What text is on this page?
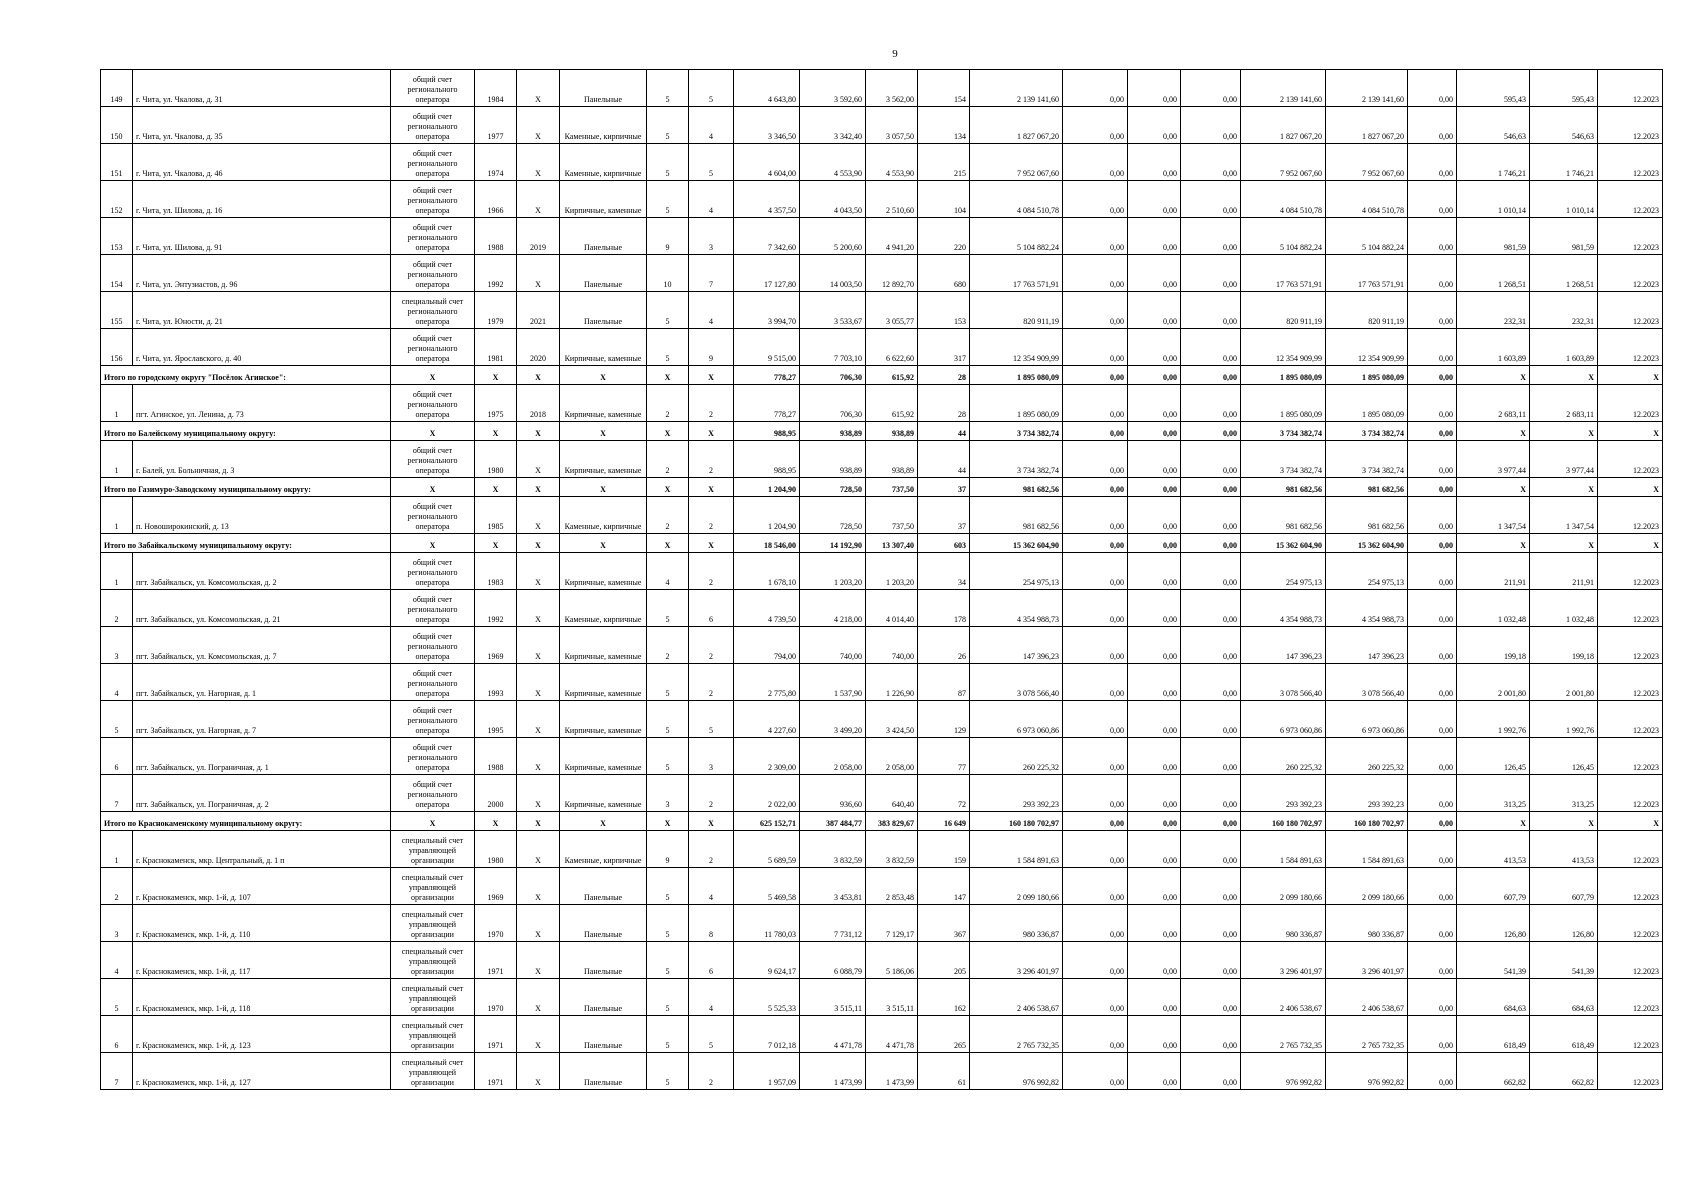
9
149	г. Чита, ул. Чкалова, д. 31	общий счет регионального оператора	1984	X	Панельные	5	5	4 643,80	3 592,60	3 562,00	154	2 139 141,60	0,00	0,00	0,00	2 139 141,60	2 139 141,60	0,00	595,43	595,43	12.2023
150	г. Чита, ул. Чкалова, д. 35	общий счет регионального оператора	1977	X	Каменные, кирпичные	5	4	3 346,50	3 342,40	3 057,50	134	1 827 067,20	0,00	0,00	0,00	1 827 067,20	1 827 067,20	0,00	546,63	546,63	12.2023
151	г. Чита, ул. Чкалова, д. 46	общий счет регионального оператора	1974	X	Каменные, кирпичные	5	5	4 604,00	4 553,90	4 553,90	215	7 952 067,60	0,00	0,00	0,00	7 952 067,60	7 952 067,60	0,00	1 746,21	1 746,21	12.2023
152	г. Чита, ул. Шилова, д. 16	общий счет регионального оператора	1966	X	Кирпичные, каменные	5	4	4 357,50	4 043,50	2 510,60	104	4 084 510,78	0,00	0,00	0,00	4 084 510,78	4 084 510,78	0,00	1 010,14	1 010,14	12.2023
153	г. Чита, ул. Шилова, д. 91	общий счет регионального оператора	1988	2019	Панельные	9	3	7 342,60	5 200,60	4 941,20	220	5 104 882,24	0,00	0,00	0,00	5 104 882,24	5 104 882,24	0,00	981,59	981,59	12.2023
154	г. Чита, ул. Энтузиастов, д. 96	общий счет регионального оператора	1992	X	Панельные	10	7	17 127,80	14 003,50	12 892,70	680	17 763 571,91	0,00	0,00	0,00	17 763 571,91	17 763 571,91	0,00	1 268,51	1 268,51	12.2023
155	г. Чита, ул. Юности, д. 21	специальный счет регионального оператора	1979	2021	Панельные	5	4	3 994,70	3 533,67	3 055,77	153	820 911,19	0,00	0,00	0,00	820 911,19	820 911,19	0,00	232,31	232,31	12.2023
156	г. Чита, ул. Ярославского, д. 40	общий счет регионального оператора	1981	2020	Кирпичные, каменные	5	9	9 515,00	7 703,10	6 622,60	317	12 354 909,99	0,00	0,00	0,00	12 354 909,99	12 354 909,99	0,00	1 603,89	1 603,89	12.2023
Итого по городскому округу "Посёлок Агинское":		X	X	X	X	X	X	778,27	706,30	615,92	28	1 895 080,09	0,00	0,00	0,00	1 895 080,09	1 895 080,09	0,00	X	X	X
1	пгт. Агинское, ул. Ленина, д. 73	общий счет регионального оператора	1975	2018	Кирпичные, каменные	2	2	778,27	706,30	615,92	28	1 895 080,09	0,00	0,00	0,00	1 895 080,09	1 895 080,09	0,00	2 683,11	2 683,11	12.2023
Итого по Балейскому муниципальному округу:		X	X	X	X	X	X	988,95	938,89	938,89	44	3 734 382,74	0,00	0,00	0,00	3 734 382,74	3 734 382,74	0,00	X	X	X
1	г. Балей, ул. Больничная, д. 3	общий счет регионального оператора	1980	X	Кирпичные, каменные	2	2	988,95	938,89	938,89	44	3 734 382,74	0,00	0,00	0,00	3 734 382,74	3 734 382,74	0,00	3 977,44	3 977,44	12.2023
Итого по Газимуро-Заводскому муниципальному округу:		X	X	X	X	X	X	1 204,90	728,50	737,50	37	981 682,56	0,00	0,00	0,00	981 682,56	981 682,56	0,00	X	X	X
1	п. Новоширокинский, д. 13	общий счет регионального оператора	1985	X	Каменные, кирпичные	2	2	1 204,90	728,50	737,50	37	981 682,56	0,00	0,00	0,00	981 682,56	981 682,56	0,00	1 347,54	1 347,54	12.2023
Итого по Забайкальскому муниципальному округу:		X	X	X	X	X	X	18 546,00	14 192,90	13 307,40	603	15 362 604,90	0,00	0,00	0,00	15 362 604,90	15 362 604,90	0,00	X	X	X
1	пгт. Забайкальск, ул. Комсомольская, д. 2	общий счет регионального оператора	1983	X	Кирпичные, каменные	4	2	1 678,10	1 203,20	1 203,20	34	254 975,13	0,00	0,00	0,00	254 975,13	254 975,13	0,00	211,91	211,91	12.2023
2	пгт. Забайкальск, ул. Комсомольская, д. 21	общий счет регионального оператора	1992	X	Каменные, кирпичные	5	6	4 739,50	4 218,00	4 014,40	178	4 354 988,73	0,00	0,00	0,00	4 354 988,73	4 354 988,73	0,00	1 032,48	1 032,48	12.2023
3	пгт. Забайкальск, ул. Комсомольская, д. 7	общий счет регионального оператора	1969	X	Кирпичные, каменные	2	2	794,00	740,00	740,00	26	147 396,23	0,00	0,00	0,00	147 396,23	147 396,23	0,00	199,18	199,18	12.2023
4	пгт. Забайкальск, ул. Нагорная, д. 1	общий счет регионального оператора	1993	X	Кирпичные, каменные	5	2	2 775,80	1 537,90	1 226,90	87	3 078 566,40	0,00	0,00	0,00	3 078 566,40	3 078 566,40	0,00	2 001,80	2 001,80	12.2023
5	пгт. Забайкальск, ул. Нагорная, д. 7	общий счет регионального оператора	1995	X	Кирпичные, каменные	5	5	4 227,60	3 499,20	3 424,50	129	6 973 060,86	0,00	0,00	0,00	6 973 060,86	6 973 060,86	0,00	1 992,76	1 992,76	12.2023
6	пгт. Забайкальск, ул. Пограничная, д. 1	общий счет регионального оператора	1988	X	Кирпичные, каменные	5	3	2 309,00	2 058,00	2 058,00	77	260 225,32	0,00	0,00	0,00	260 225,32	260 225,32	0,00	126,45	126,45	12.2023
7	пгт. Забайкальск, ул. Пограничная, д. 2	общий счет регионального оператора	2000	X	Кирпичные, каменные	3	2	2 022,00	936,60	640,40	72	293 392,23	0,00	0,00	0,00	293 392,23	293 392,23	0,00	313,25	313,25	12.2023
Итого по Краснокаменскому муниципальному округу:		X	X	X	X	X	X	625 152,71	387 484,77	383 829,67	16 649	160 180 702,97	0,00	0,00	0,00	160 180 702,97	160 180 702,97	0,00	X	X	X
1	г. Краснокаменск, мкр. Центральный, д. 1 п	специальный счет управляющей организации	1980	X	Каменные, кирпичные	9	2	5 689,59	3 832,59	3 832,59	159	1 584 891,63	0,00	0,00	0,00	1 584 891,63	1 584 891,63	0,00	413,53	413,53	12.2023
2	г. Краснокаменск, мкр. 1-й, д. 107	специальный счет управляющей организации	1969	X	Панельные	5	4	5 469,58	3 453,81	2 853,48	147	2 099 180,66	0,00	0,00	0,00	2 099 180,66	2 099 180,66	0,00	607,79	607,79	12.2023
3	г. Краснокаменск, мкр. 1-й, д. 110	специальный счет управляющей организации	1970	X	Панельные	5	8	11 780,03	7 731,12	7 129,17	367	980 336,87	0,00	0,00	0,00	980 336,87	980 336,87	0,00	126,80	126,80	12.2023
4	г. Краснокаменск, мкр. 1-й, д. 117	специальный счет управляющей организации	1971	X	Панельные	5	6	9 624,17	6 088,79	5 186,06	205	3 296 401,97	0,00	0,00	0,00	3 296 401,97	3 296 401,97	0,00	541,39	541,39	12.2023
5	г. Краснокаменск, мкр. 1-й, д. 118	специальный счет управляющей организации	1970	X	Панельные	5	4	5 525,33	3 515,11	3 515,11	162	2 406 538,67	0,00	0,00	0,00	2 406 538,67	2 406 538,67	0,00	684,63	684,63	12.2023
6	г. Краснокаменск, мкр. 1-й, д. 123	специальный счет управляющей организации	1971	X	Панельные	5	5	7 012,18	4 471,78	4 471,78	265	2 765 732,35	0,00	0,00	0,00	2 765 732,35	2 765 732,35	0,00	618,49	618,49	12.2023
7	г. Краснокаменск, мкр. 1-й, д. 127	специальный счет управляющей организации	1971	X	Панельные	5	2	1 957,09	1 473,99	1 473,99	61	976 992,82	0,00	0,00	0,00	976 992,82	976 992,82	0,00	662,82	662,82	12.2023
